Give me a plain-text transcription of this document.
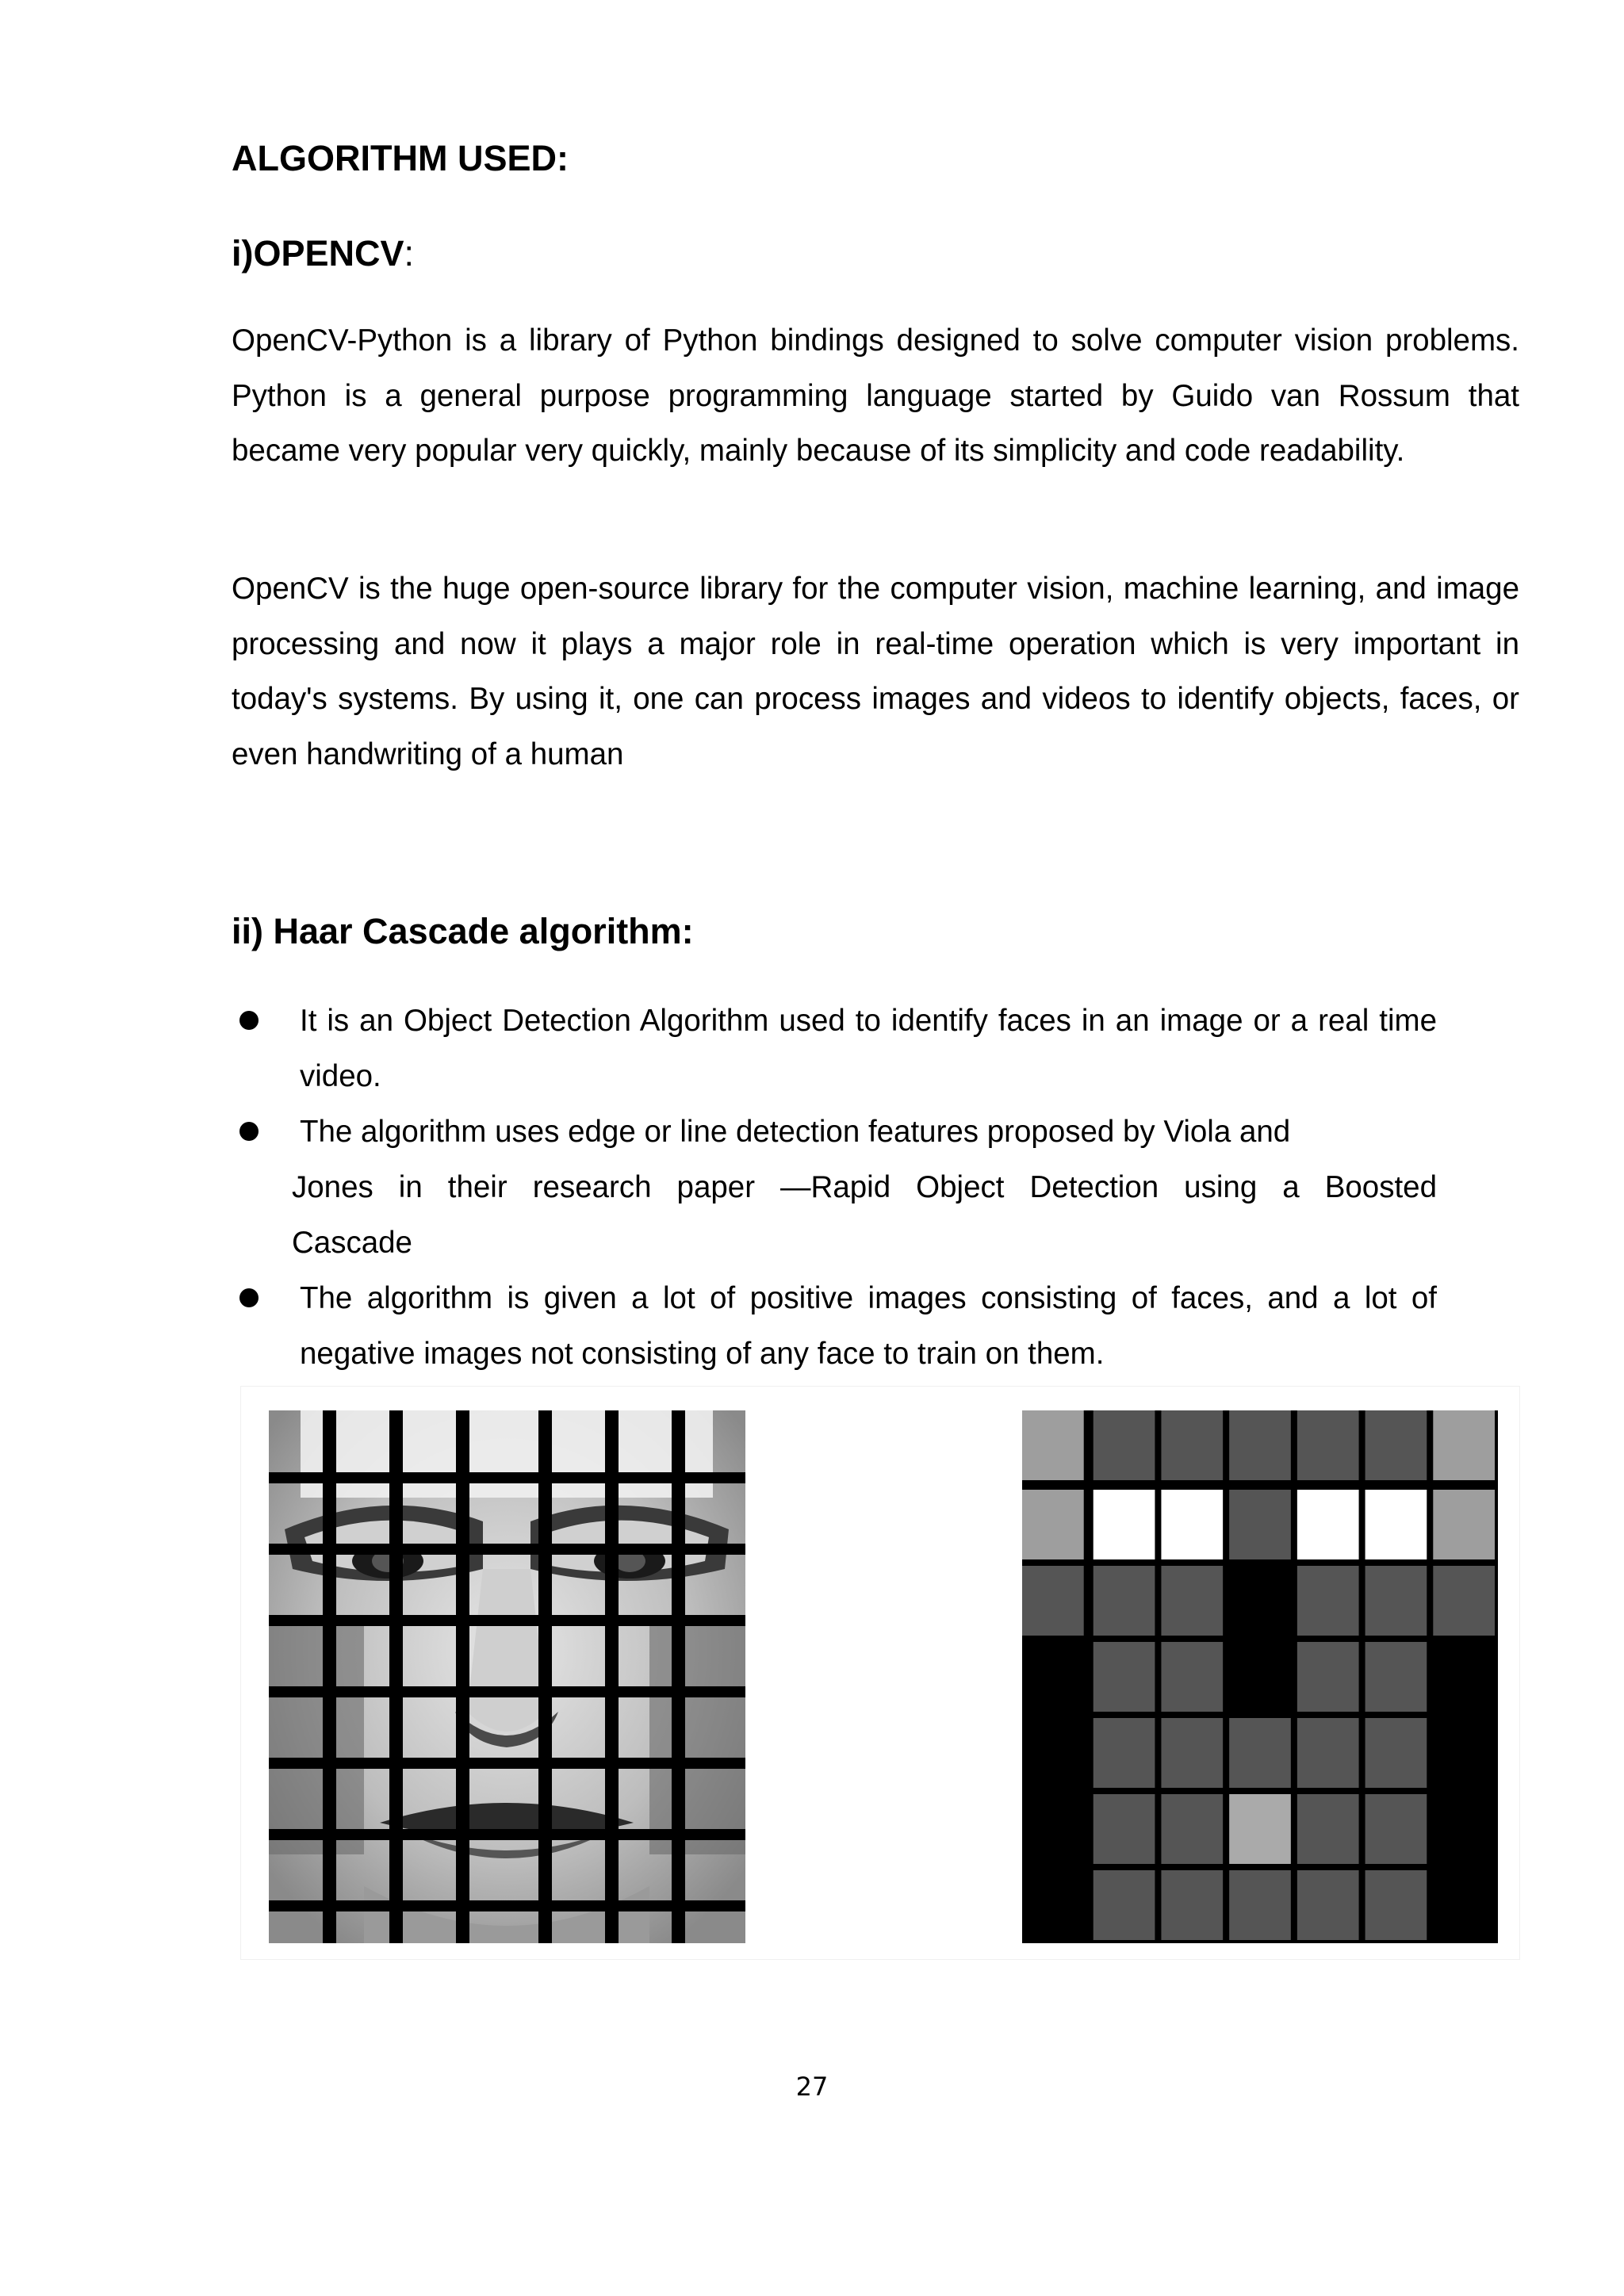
ALGORITHM USED:
i)OPENCV:

OpenCV-Python is a library of Python bindings designed to solve computer vision problems. Python is a general purpose programming language started by Guido van Rossum that became very popular very quickly, mainly because of its simplicity and code readability.

OpenCV is the huge open-source library for the computer vision, machine learning, and image processing and now it plays a major role in real-time operation which is very important in today's systems. By using it, one can process images and videos to identify objects, faces, or even handwriting of a human

ii) Haar Cascade algorithm:
It is an Object Detection Algorithm used to identify faces in an image or a real time video.
The algorithm uses edge or line detection features proposed by Viola and
Jones in their research paper —Rapid Object Detection using a Boosted
Cascade
The algorithm is given a lot of positive images consisting of faces, and a lot of negative images not consisting of any face to train on them.
27
